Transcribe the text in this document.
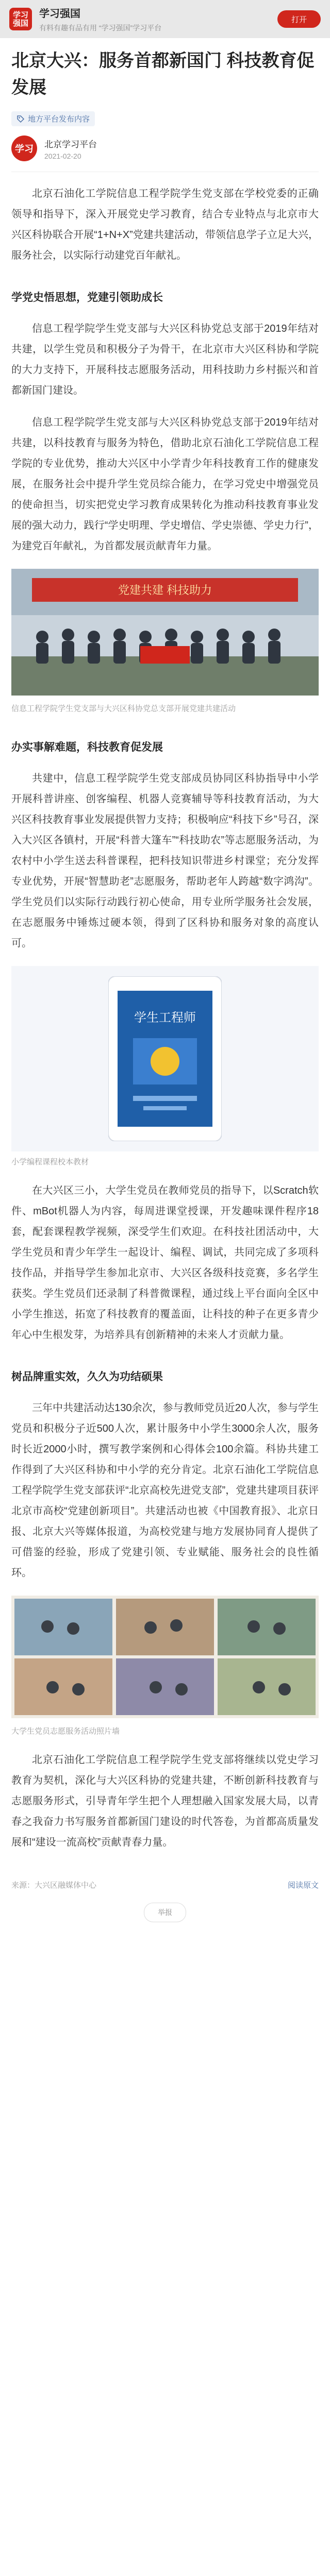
学习强国
学习强国
有料有趣有品有用 “学习强国”学习平台
打开
北京大兴：服务首都新国门 科技教育促发展
地方平台发布内容
学习	北京学习平台
2021-02-20

北京石油化工学院信息工程学院学生党支部在学校党委的正确领导和指导下，深入开展党史学习教育，结合专业特点与北京市大兴区科协联合开展“1+N+X”党建共建活动，带领信息学子立足大兴，服务社会，以实际行动建党百年献礼。

学党史悟思想，党建引领助成长

信息工程学院学生党支部与大兴区科协党总支部于2019年结对共建，以学生党员和积极分子为骨干，在北京市大兴区科协和学院的大力支持下，开展科技志愿服务活动，用科技助力乡村振兴和首都新国门建设。

信息工程学院学生党支部与大兴区科协党总支部于2019年结对共建，以科技教育与服务为特色，借助北京石油化工学院信息工程学院的专业优势，推动大兴区中小学青少年科技教育工作的健康发展，在服务社会中提升学生党员综合能力，在学习党史中增强党员的使命担当，切实把党史学习教育成果转化为推动科技教育事业发展的强大动力，践行“学史明理、学史增信、学史崇德、学史力行”，为建党百年献礼，为首都发展贡献青年力量。

党建共建 科技助力
信息工程学院学生党支部与大兴区科协党总支部开展党建共建活动
办实事解难题，科技教育促发展

共建中，信息工程学院学生党支部成员协同区科协指导中小学开展科普讲座、创客编程、机器人竞赛辅导等科技教育活动，为大兴区科技教育事业发展提供智力支持；积极响应“科技下乡”号召，深入大兴区各镇村，开展“科普大篷车”“科技助农”等志愿服务活动，为农村中小学生送去科普课程，把科技知识带进乡村课堂；充分发挥专业优势，开展“智慧助老”志愿服务，帮助老年人跨越“数字鸿沟”。学生党员们以实际行动践行初心使命，用专业所学服务社会发展，在志愿服务中锤炼过硬本领，得到了区科协和服务对象的高度认可。

学生工程师
小学编程课程校本教材

在大兴区三小，大学生党员在教师党员的指导下，以Scratch软件、mBot机器人为内容，每周进课堂授课，开发趣味课件程序18套，配套课程教学视频，深受学生们欢迎。在科技社团活动中，大学生党员和青少年学生一起设计、编程、调试，共同完成了多项科技作品，并指导学生参加北京市、大兴区各级科技竞赛，多名学生获奖。学生党员们还录制了科普微课程，通过线上平台面向全区中小学生推送，拓宽了科技教育的覆盖面，让科技的种子在更多青少年心中生根发芽，为培养具有创新精神的未来人才贡献力量。

树品牌重实效，久久为功结硕果

三年中共建活动达130余次，参与教师党员近20人次，参与学生党员和积极分子近500人次，累计服务中小学生3000余人次，服务时长近2000小时，撰写教学案例和心得体会100余篇。科协共建工作得到了大兴区科协和中小学的充分肯定。北京石油化工学院信息工程学院学生党支部获评“北京高校先进党支部”，党建共建项目获评北京市高校“党建创新项目”。共建活动也被《中国教育报》、北京日报、北京大兴等媒体报道，为高校党建与地方发展协同育人提供了可借鉴的经验，形成了党建引领、专业赋能、服务社会的良性循环。

大学生党员志愿服务活动照片墙

北京石油化工学院信息工程学院学生党支部将继续以党史学习教育为契机，深化与大兴区科协的党建共建，不断创新科技教育与志愿服务形式，引导青年学生把个人理想融入国家发展大局，以青春之我奋力书写服务首都新国门建设的时代答卷，为首都高质量发展和“建设一流高校”贡献青春力量。

来源：大兴区融媒体中心	阅读原文
举报
